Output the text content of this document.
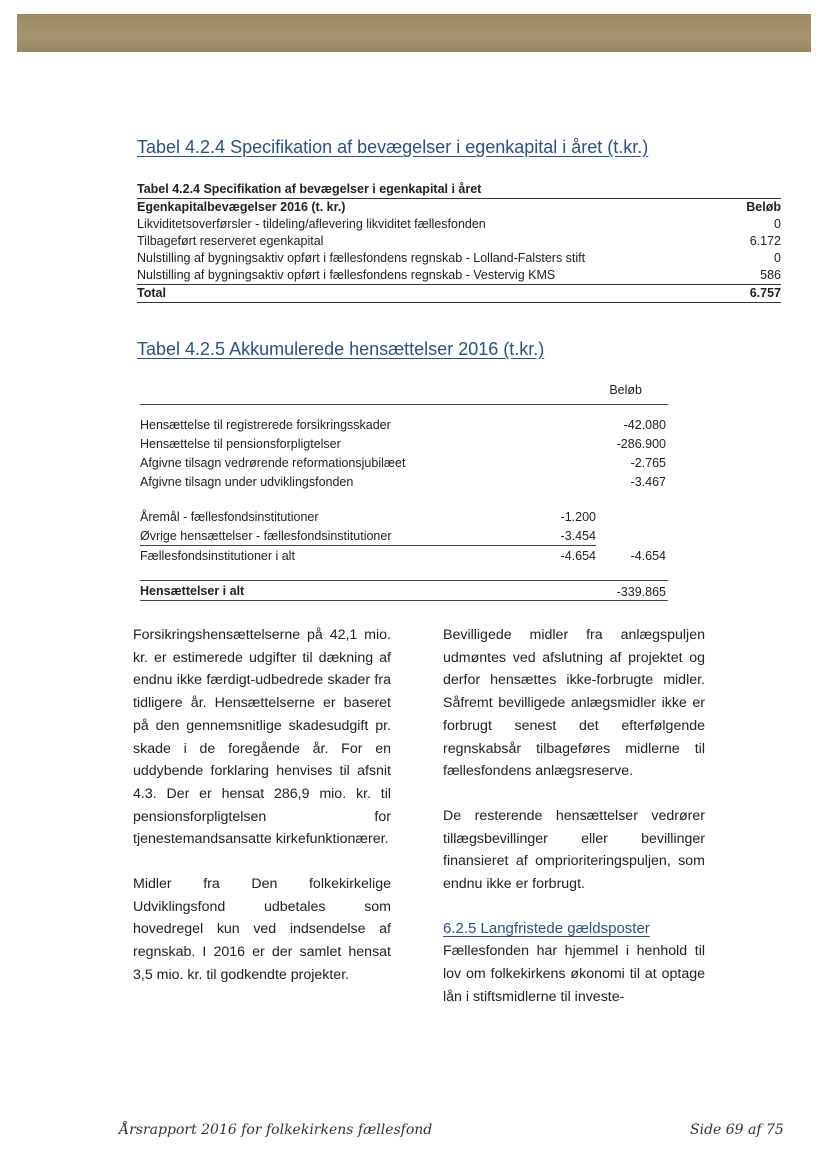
Tabel 4.2.4 Specifikation af bevægelser i egenkapital i året (t.kr.)
Tabel 4.2.4 Specifikation af bevægelser i egenkapital i året	
Egenkapitalbevægelser 2016 (t. kr.)	Beløb
Likviditetsoverførsler - tildeling/aflevering likviditet fællesfonden	0
Tilbageført reserveret egenkapital	6.172
Nulstilling af bygningsaktiv opført i fællesfondens regnskab - Lolland-Falsters stift	0
Nulstilling af bygningsaktiv opført i fællesfondens regnskab - Vestervig KMS	586
Total	6.757
Tabel 4.2.5 Akkumulerede hensættelser 2016 (t.kr.)
Beløb
Hensættelse til registrerede forsikringsskader	-42.080
Hensættelse til pensionsforpligtelser	-286.900
Afgivne tilsagn vedrørende reformationsjubilæet	-2.765
Afgivne tilsagn under udviklingsfonden	-3.467
Åremål - fællesfondsinstitutioner	-1.200
Øvrige hensættelser - fællesfondsinstitutioner	-3.454
Fællesfondsinstitutioner i alt	-4.654	-4.654
Hensættelser i alt	-339.865

Forsikringshensættelserne på 42,1 mio. kr. er estimerede udgifter til dækning af endnu ikke færdigt-udbedrede skader fra tidligere år. Hensættelserne er baseret på den gennemsnitlige skadesudgift pr. skade i de foregående år. For en uddybende forklaring henvises til afsnit 4.3. Der er hensat 286,9 mio. kr. til pensionsforpligtelsen for tjenestemandsansatte kirkefunktionærer.

Midler fra Den folkekirkelige Udviklingsfond udbetales som hovedregel kun ved indsendelse af regnskab. I 2016 er der samlet hensat 3,5 mio. kr. til godkendte projekter.

Bevilligede midler fra anlægspuljen udmøntes ved afslutning af projektet og derfor hensættes ikke-forbrugte midler. Såfremt bevilligede anlægsmidler ikke er forbrugt senest det efterfølgende regnskabsår tilbageføres midlerne til fællesfondens anlægsreserve.

De resterende hensættelser vedrører tillægsbevillinger eller bevillinger finansieret af omprioriteringspuljen, som endnu ikke er forbrugt.

6.2.5 Langfristede gældsposter

Fællesfonden har hjemmel i henhold til lov om folkekirkens økonomi til at optage lån i stiftsmidlerne til investe-

Årsrapport 2016 for folkekirkens fællesfond	Side 69 af 75
